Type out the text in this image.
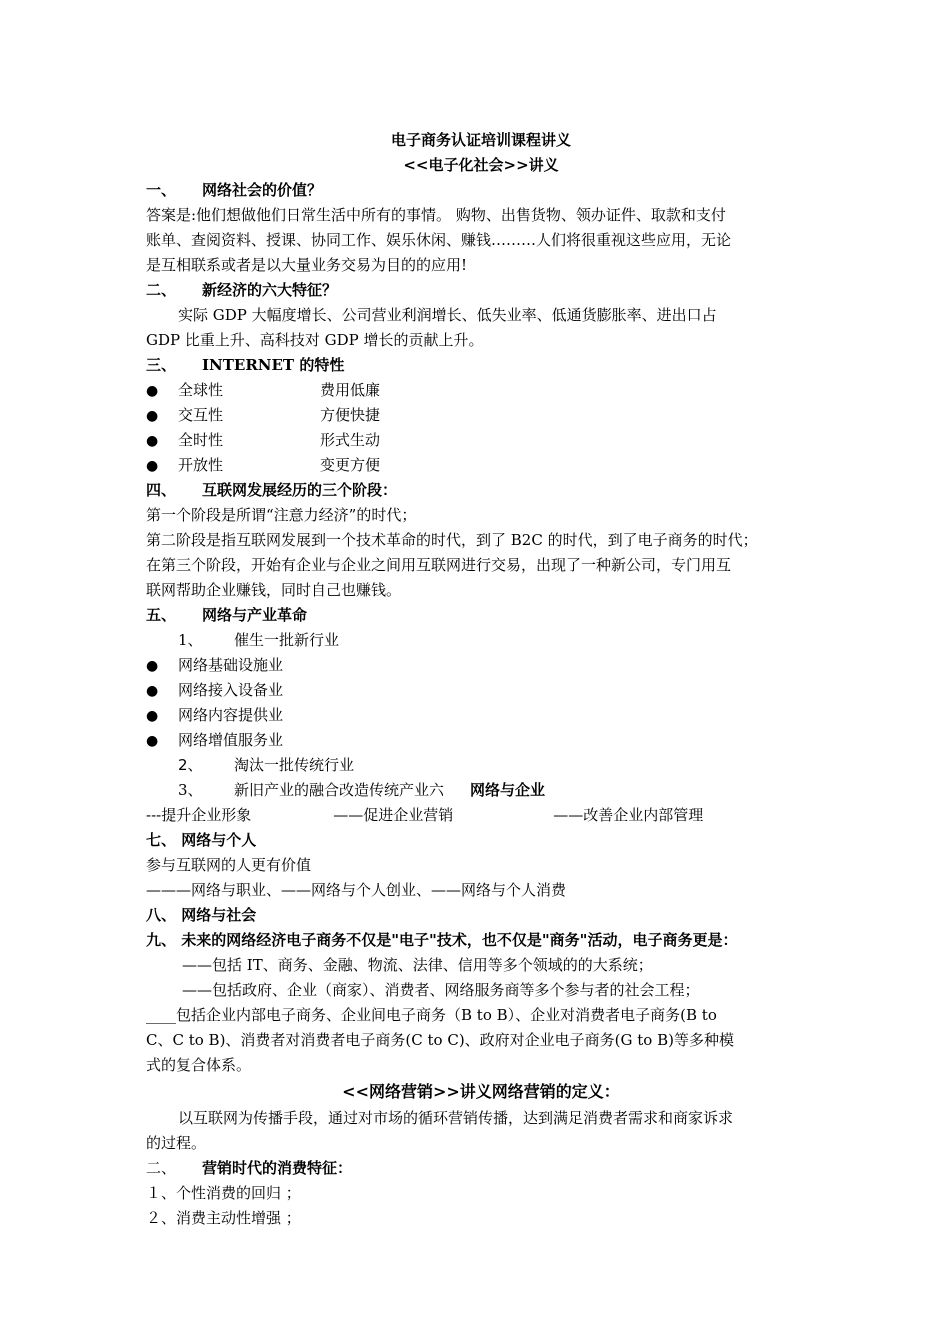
电子商务认证培训课程讲义
<<电子化社会>>讲义
一、 网络社会的价值？
答案是:他们想做他们日常生活中所有的事情。 购物、出售货物、领办证件、取款和支付
账单、查阅资料、授课、协同工作、娱乐休闲、赚钱………人们将很重视这些应用，无论
是互相联系或者是以大量业务交易为目的的应用!
二、 新经济的六大特征？
实际 GDP 大幅度增长、公司营业利润增长、低失业率、低通货膨胀率、进出口占
GDP 比重上升、高科技对 GDP 增长的贡献上升。
三、 INTERNET 的特性
● 全球性	费用低廉
● 交互性	方便快捷
● 全时性	形式生动
● 开放性	变更方便
四、 互联网发展经历的三个阶段：
第一个阶段是所谓“注意力经济”的时代；
第二阶段是指互联网发展到一个技术革命的时代，到了 B2C 的时代，到了电子商务的时代；
在第三个阶段，开始有企业与企业之间用互联网进行交易，出现了一种新公司，专门用互
联网帮助企业赚钱，同时自己也赚钱。
五、 网络与产业革命
1、 催生一批新行业
● 网络基础设施业
● 网络接入设备业
● 网络内容提供业
● 网络增值服务业
2、 淘汰一批传统行业
3、 新旧产业的融合改造传统产业六 网络与企业
---提升企业形象	——促进企业营销	——改善企业内部管理
七、 网络与个人
参与互联网的人更有价值
———网络与职业、——网络与个人创业、——网络与个人消费
八、 网络与社会
九、 未来的网络经济电子商务不仅是"电子"技术，也不仅是"商务"活动，电子商务更是：
——包括 IT、商务、金融、物流、法律、信用等多个领域的的大系统；
——包括政府、企业（商家）、消费者、网络服务商等多个参与者的社会工程；
____包括企业内部电子商务、企业间电子商务（B to B）、企业对消费者电子商务(B to
C、C to B)、消费者对消费者电子商务(C to C)、政府对企业电子商务(G to B)等多种模
式的复合体系。
<<网络营销>>讲义网络营销的定义：
以互联网为传播手段，通过对市场的循环营销传播，达到满足消费者需求和商家诉求
的过程。
二、 营销时代的消费特征：
１、个性消费的回归 ；
２、消费主动性增强 ；
